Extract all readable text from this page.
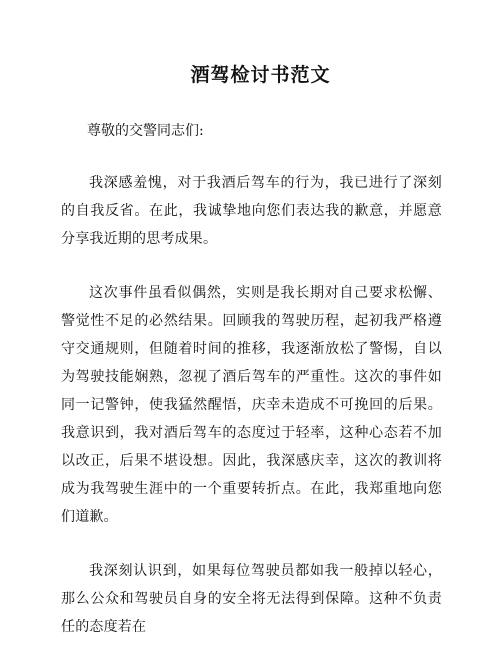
酒驾检讨书范文

尊敬的交警同志们:

我深感羞愧，对于我酒后驾车的行为，我已进行了深刻的自我反省。在此，我诚挚地向您们表达我的歉意，并愿意分享我近期的思考成果。

这次事件虽看似偶然，实则是我长期对自己要求松懈、警觉性不足的必然结果。回顾我的驾驶历程，起初我严格遵守交通规则，但随着时间的推移，我逐渐放松了警惕，自以为驾驶技能娴熟，忽视了酒后驾车的严重性。这次的事件如同一记警钟，使我猛然醒悟，庆幸未造成不可挽回的后果。我意识到，我对酒后驾车的态度过于轻率，这种心态若不加以改正，后果不堪设想。因此，我深感庆幸，这次的教训将成为我驾驶生涯中的一个重要转折点。在此，我郑重地向您们道歉。

我深刻认识到，如果每位驾驶员都如我一般掉以轻心，那么公众和驾驶员自身的安全将无法得到保障。这种不负责任的态度若在
